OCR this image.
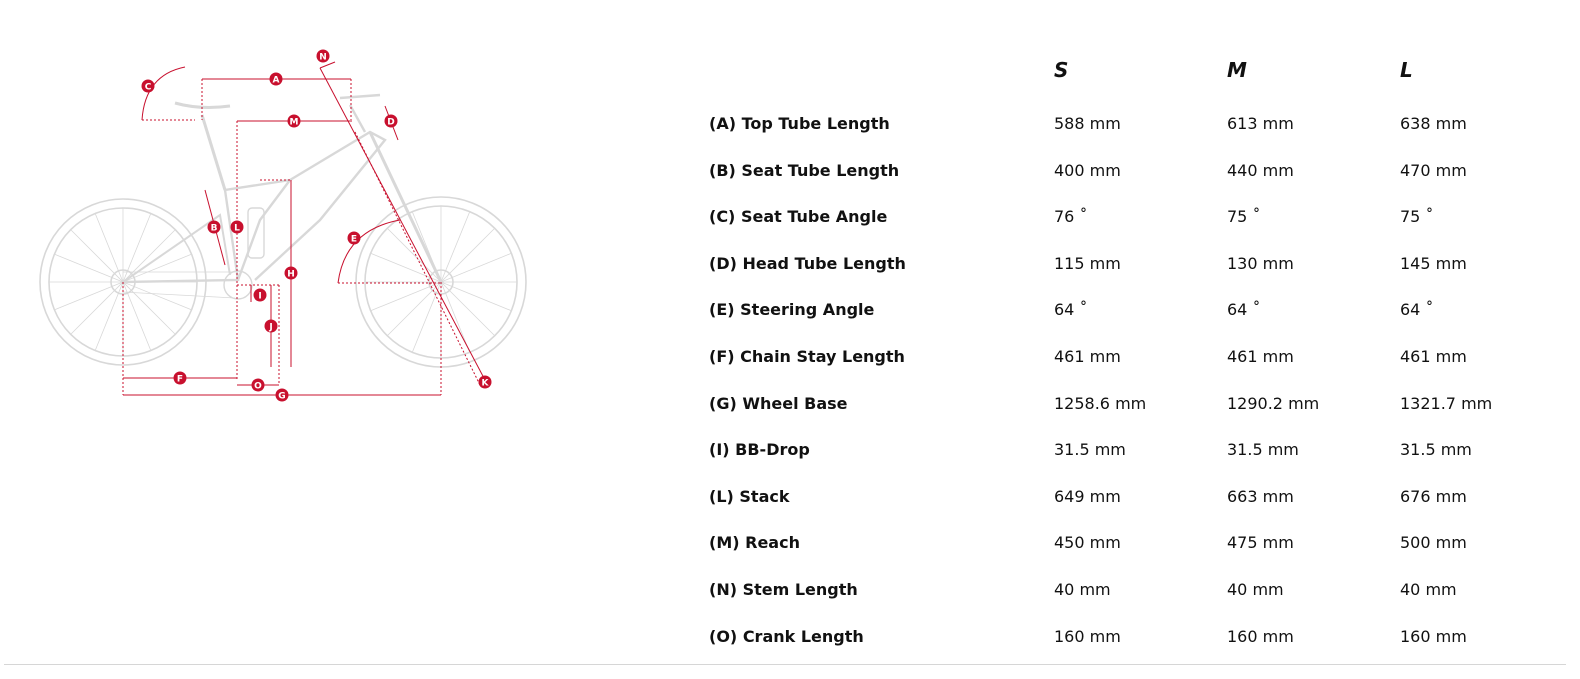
A
B
C
D
E
F
G
H
I
J
K
L
M
N
O
S	M	L
(A) Top Tube Length	588 mm	613 mm	638 mm
(B) Seat Tube Length	400 mm	440 mm	470 mm
(C) Seat Tube Angle	76 ˚	75 ˚	75 ˚
(D) Head Tube Length	115 mm	130 mm	145 mm
(E) Steering Angle	64 ˚	64 ˚	64 ˚
(F) Chain Stay Length	461 mm	461 mm	461 mm
(G) Wheel Base	1258.6 mm	1290.2 mm	1321.7 mm
(I) BB-Drop	31.5 mm	31.5 mm	31.5 mm
(L) Stack	649 mm	663 mm	676 mm
(M) Reach	450 mm	475 mm	500 mm
(N) Stem Length	40 mm	40 mm	40 mm
(O) Crank Length	160 mm	160 mm	160 mm
